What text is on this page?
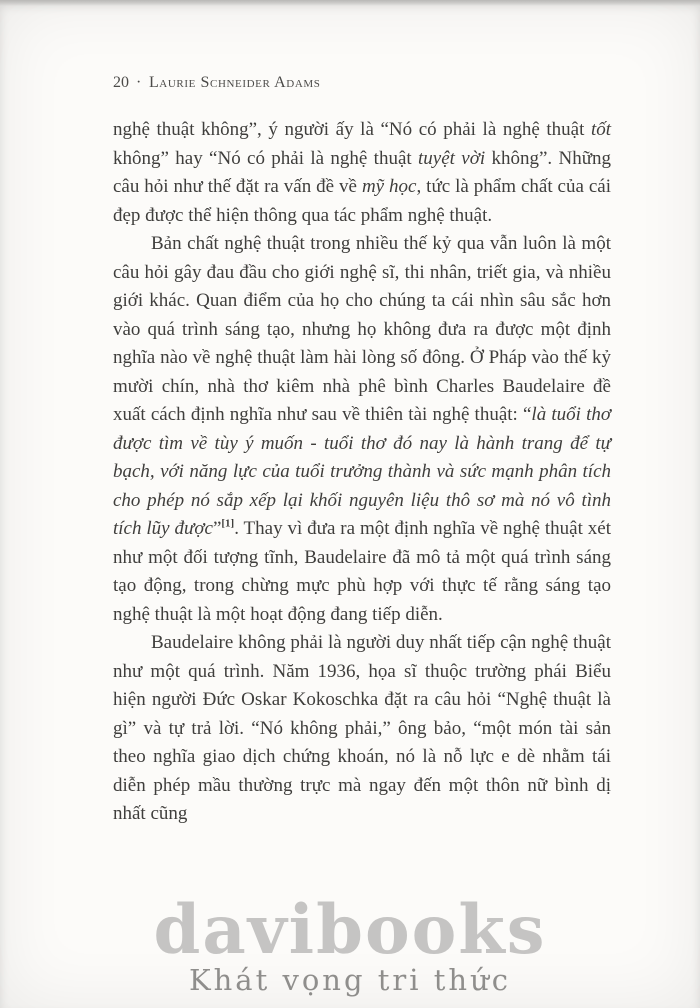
20 · Laurie Schneider Adams

nghệ thuật không”, ý người ấy là “Nó có phải là nghệ thuật tốt không” hay “Nó có phải là nghệ thuật tuyệt vời không”. Những câu hỏi như thế đặt ra vấn đề về mỹ học, tức là phẩm chất của cái đẹp được thể hiện thông qua tác phẩm nghệ thuật.

Bản chất nghệ thuật trong nhiều thế kỷ qua vẫn luôn là một câu hỏi gây đau đầu cho giới nghệ sĩ, thi nhân, triết gia, và nhiều giới khác. Quan điểm của họ cho chúng ta cái nhìn sâu sắc hơn vào quá trình sáng tạo, nhưng họ không đưa ra được một định nghĩa nào về nghệ thuật làm hài lòng số đông. Ở Pháp vào thế kỷ mười chín, nhà thơ kiêm nhà phê bình Charles Baudelaire đề xuất cách định nghĩa như sau về thiên tài nghệ thuật: “là tuổi thơ được tìm về tùy ý muốn - tuổi thơ đó nay là hành trang để tự bạch, với năng lực của tuổi trưởng thành và sức mạnh phân tích cho phép nó sắp xếp lại khối nguyên liệu thô sơ mà nó vô tình tích lũy được”[1]. Thay vì đưa ra một định nghĩa về nghệ thuật xét như một đối tượng tĩnh, Baudelaire đã mô tả một quá trình sáng tạo động, trong chừng mực phù hợp với thực tế rằng sáng tạo nghệ thuật là một hoạt động đang tiếp diễn.

Baudelaire không phải là người duy nhất tiếp cận nghệ thuật như một quá trình. Năm 1936, họa sĩ thuộc trường phái Biểu hiện người Đức Oskar Kokoschka đặt ra câu hỏi “Nghệ thuật là gì” và tự trả lời. “Nó không phải,” ông bảo, “một món tài sản theo nghĩa giao dịch chứng khoán, nó là nỗ lực e dè nhằm tái diễn phép mầu thường trực mà ngay đến một thôn nữ bình dị nhất cũng

davibooks
Khát vọng tri thức
